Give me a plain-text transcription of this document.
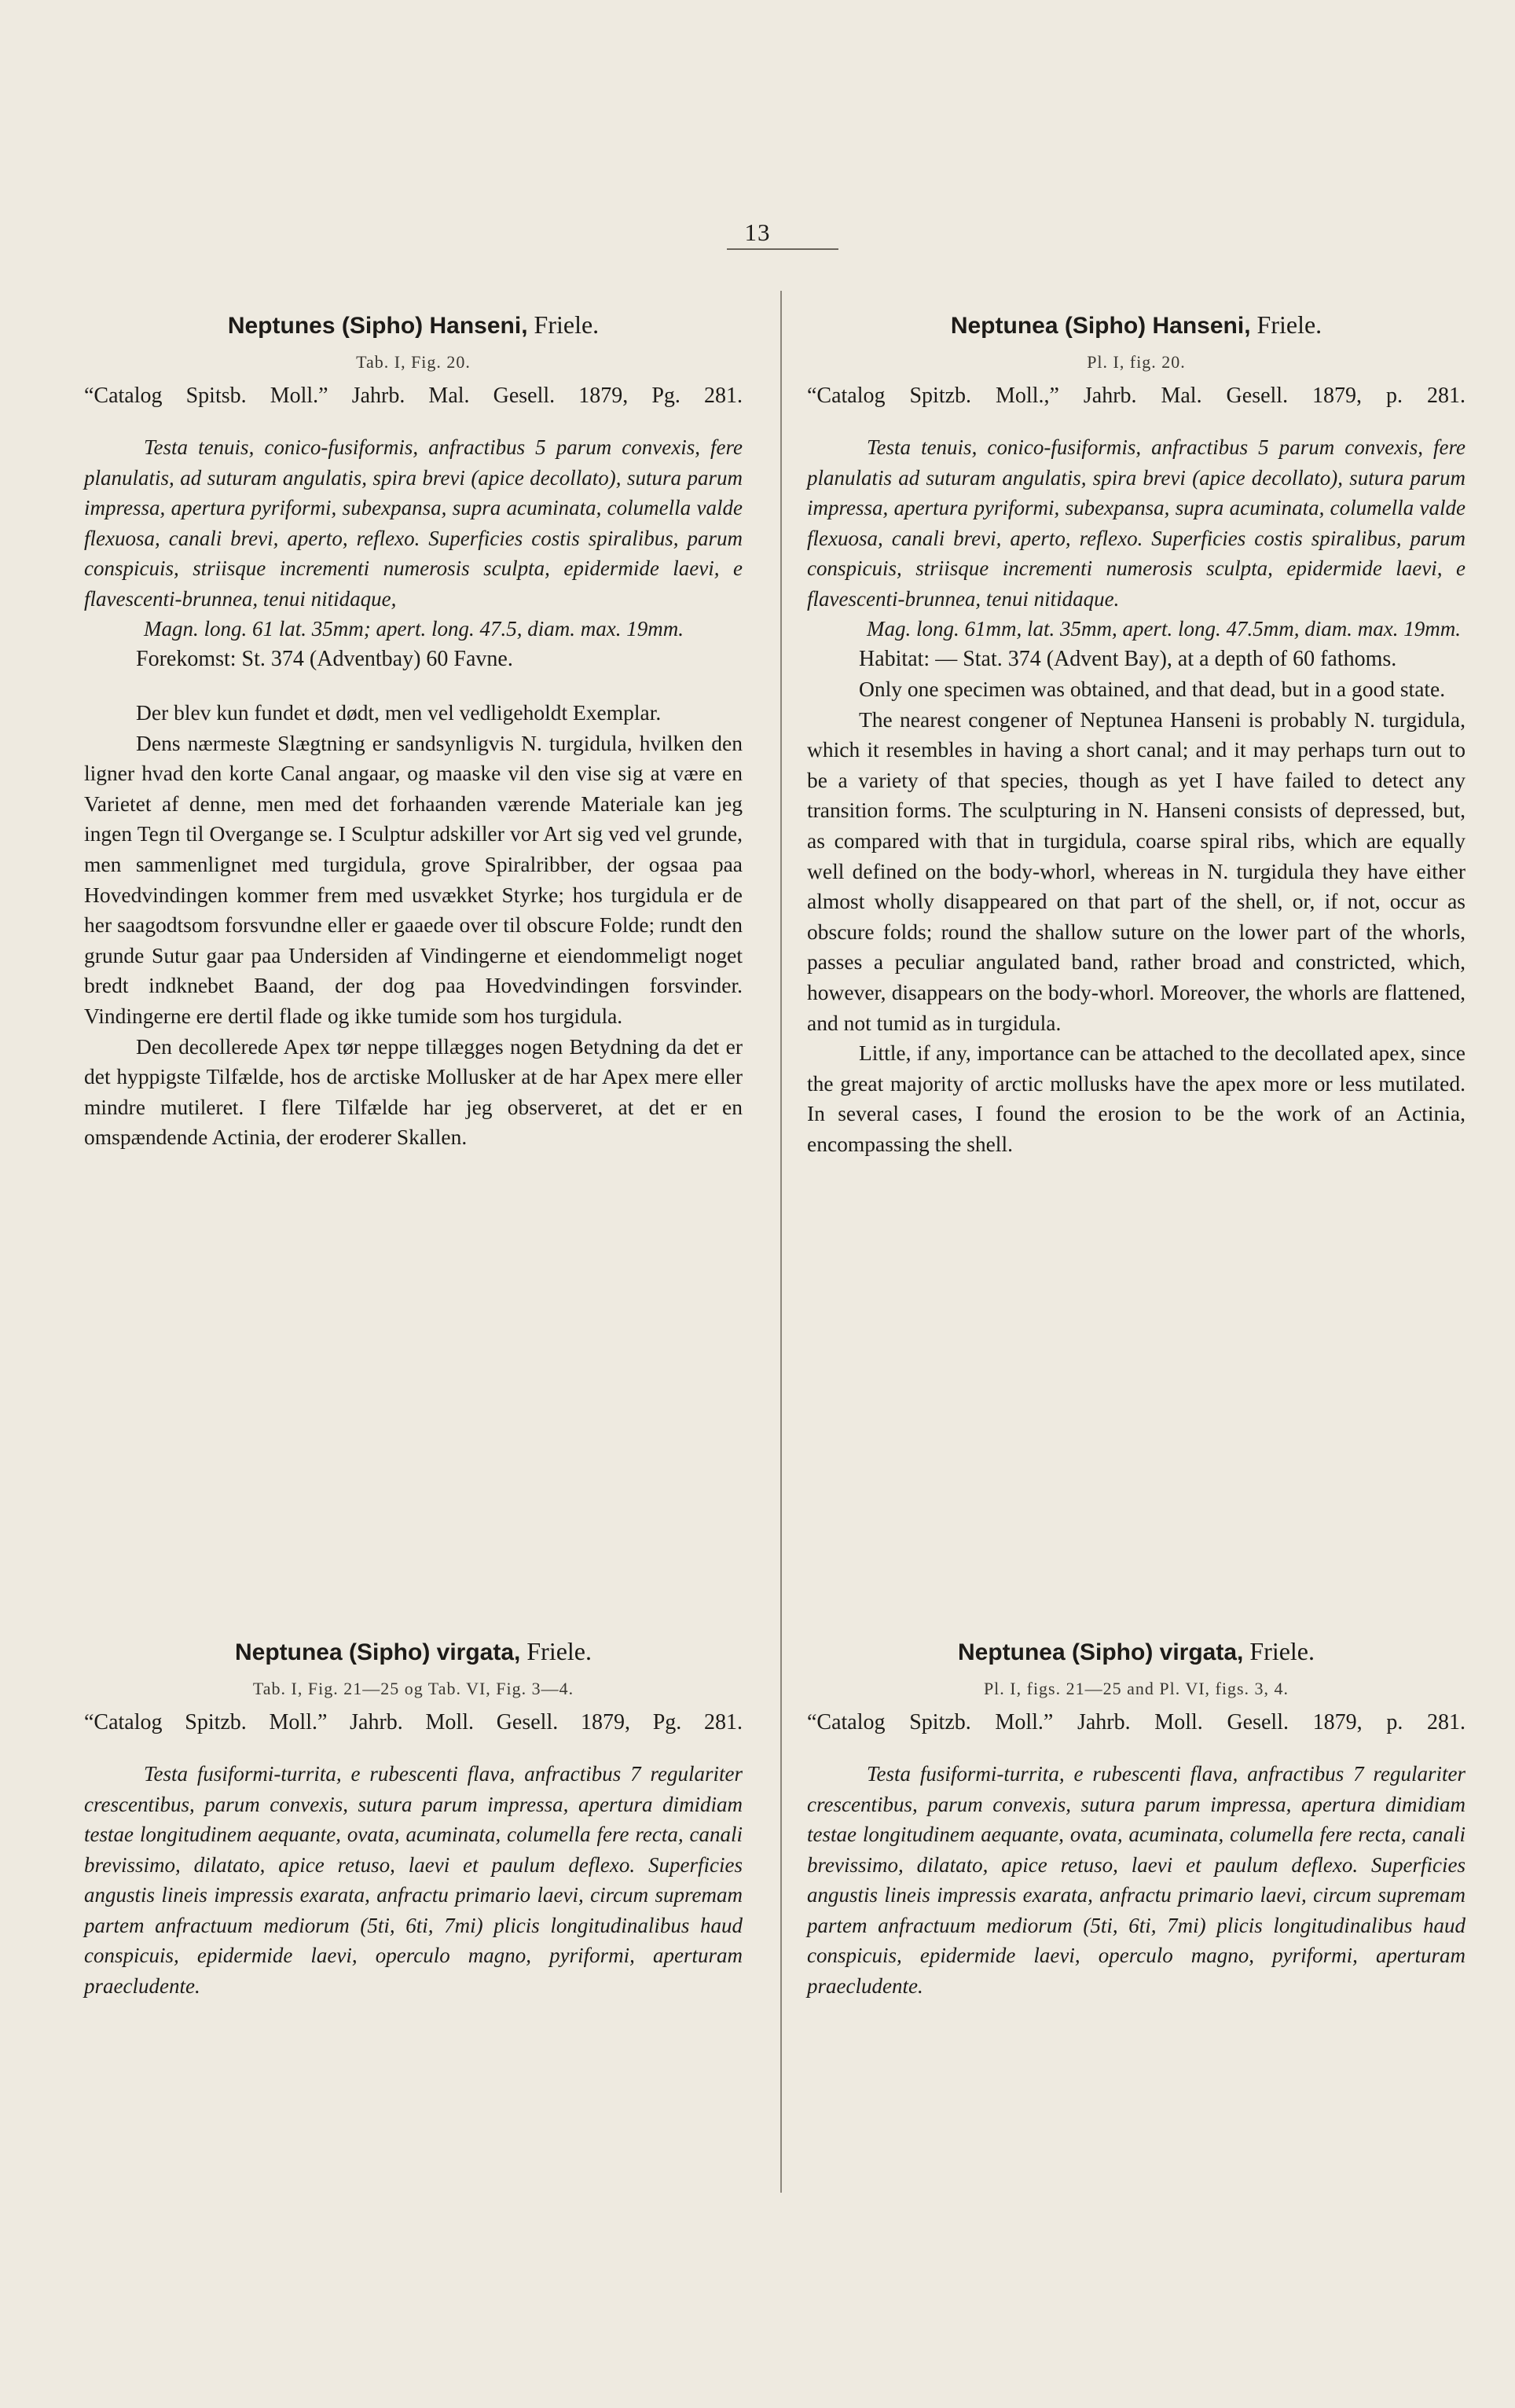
13
Neptunes (Sipho) Hanseni, Friele.
Tab. I, Fig. 20.
“Catalog Spitsb. Moll.” Jahrb. Mal. Gesell. 1879, Pg. 281.

Testa tenuis, conico-fusiformis, anfractibus 5 parum convexis, fere planulatis, ad suturam angulatis, spira brevi (apice decollato), sutura parum impressa, apertura pyriformi, subexpansa, supra acuminata, columella valde flexuosa, canali brevi, aperto, reflexo. Superficies costis spiralibus, parum conspicuis, striisque incrementi numerosis sculpta, epidermide laevi, e flavescenti-brunnea, tenui nitidaque,

Magn. long. 61 lat. 35mm; apert. long. 47.5, diam. max. 19mm.

Forekomst: St. 374 (Adventbay) 60 Favne.

Der blev kun fundet et dødt, men vel vedligeholdt Exemplar.

Dens nærmeste Slægtning er sandsynligvis N. turgidula, hvilken den ligner hvad den korte Canal angaar, og maaske vil den vise sig at være en Varietet af denne, men med det forhaanden værende Materiale kan jeg ingen Tegn til Overgange se. I Sculptur adskiller vor Art sig ved vel grunde, men sammenlignet med turgidula, grove Spiralribber, der ogsaa paa Hovedvindingen kommer frem med usvækket Styrke; hos turgidula er de her saagodtsom forsvundne eller er gaaede over til obscure Folde; rundt den grunde Sutur gaar paa Undersiden af Vindingerne et eiendommeligt noget bredt indknebet Baand, der dog paa Hovedvindingen forsvinder. Vindingerne ere dertil flade og ikke tumide som hos turgidula.

Den decollerede Apex tør neppe tillægges nogen Betydning da det er det hyppigste Tilfælde, hos de arctiske Mollusker at de har Apex mere eller mindre mutileret. I flere Tilfælde har jeg observeret, at det er en omspændende Actinia, der eroderer Skallen.

Neptunea (Sipho) Hanseni, Friele.
Pl. I, fig. 20.
“Catalog Spitzb. Moll.,” Jahrb. Mal. Gesell. 1879, p. 281.

Testa tenuis, conico-fusiformis, anfractibus 5 parum convexis, fere planulatis ad suturam angulatis, spira brevi (apice decollato), sutura parum impressa, apertura pyriformi, subexpansa, supra acuminata, columella valde flexuosa, canali brevi, aperto, reflexo. Superficies costis spiralibus, parum conspicuis, striisque incrementi numerosis sculpta, epidermide laevi, e flavescenti-brunnea, tenui nitidaque.

Mag. long. 61mm, lat. 35mm, apert. long. 47.5mm, diam. max. 19mm.

Habitat: — Stat. 374 (Advent Bay), at a depth of 60 fathoms.

Only one specimen was obtained, and that dead, but in a good state.

The nearest congener of Neptunea Hanseni is probably N. turgidula, which it resembles in having a short canal; and it may perhaps turn out to be a variety of that species, though as yet I have failed to detect any transition forms. The sculpturing in N. Hanseni consists of depressed, but, as compared with that in turgidula, coarse spiral ribs, which are equally well defined on the body-whorl, whereas in N. turgidula they have either almost wholly disappeared on that part of the shell, or, if not, occur as obscure folds; round the shallow suture on the lower part of the whorls, passes a peculiar angulated band, rather broad and constricted, which, however, disappears on the body-whorl. Moreover, the whorls are flattened, and not tumid as in turgidula.

Little, if any, importance can be attached to the decollated apex, since the great majority of arctic mollusks have the apex more or less mutilated. In several cases, I found the erosion to be the work of an Actinia, encompassing the shell.

Neptunea (Sipho) virgata, Friele.
Tab. I, Fig. 21—25 og Tab. VI, Fig. 3—4.
“Catalog Spitzb. Moll.” Jahrb. Moll. Gesell. 1879, Pg. 281.

Testa fusiformi-turrita, e rubescenti flava, anfractibus 7 regulariter crescentibus, parum convexis, sutura parum impressa, apertura dimidiam testae longitudinem aequante, ovata, acuminata, columella fere recta, canali brevissimo, dilatato, apice retuso, laevi et paulum deflexo. Superficies angustis lineis impressis exarata, anfractu primario laevi, circum supremam partem anfractuum mediorum (5ti, 6ti, 7mi) plicis longitudinalibus haud conspicuis, epidermide laevi, operculo magno, pyriformi, aperturam praecludente.

Neptunea (Sipho) virgata, Friele.
Pl. I, figs. 21—25 and Pl. VI, figs. 3, 4.
“Catalog Spitzb. Moll.” Jahrb. Moll. Gesell. 1879, p. 281.

Testa fusiformi-turrita, e rubescenti flava, anfractibus 7 regulariter crescentibus, parum convexis, sutura parum impressa, apertura dimidiam testae longitudinem aequante, ovata, acuminata, columella fere recta, canali brevissimo, dilatato, apice retuso, laevi et paulum deflexo. Superficies angustis lineis impressis exarata, anfractu primario laevi, circum supremam partem anfractuum mediorum (5ti, 6ti, 7mi) plicis longitudinalibus haud conspicuis, epidermide laevi, operculo magno, pyriformi, aperturam praecludente.
